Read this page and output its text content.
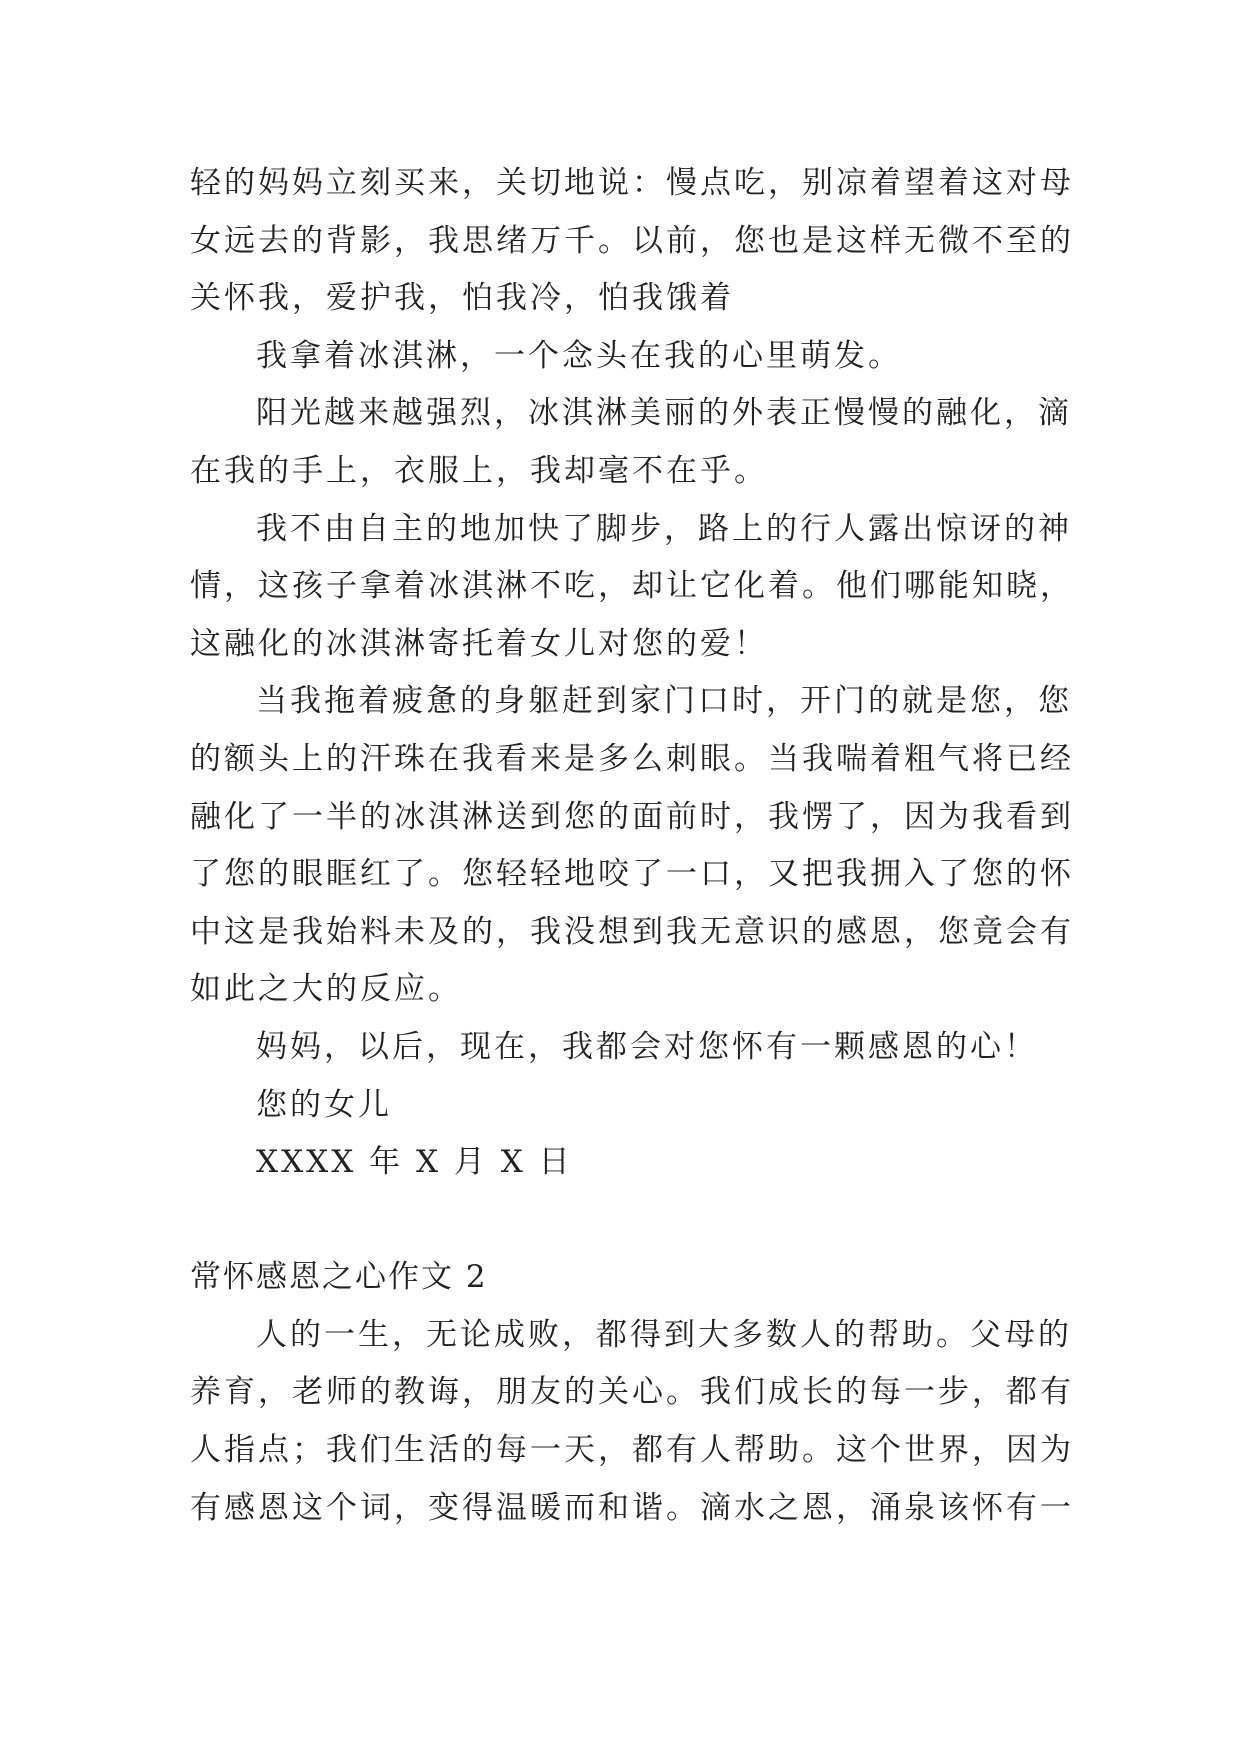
轻的妈妈立刻买来，关切地说：慢点吃，别凉着望着这对母
女远去的背影，我思绪万千。以前，您也是这样无微不至的
关怀我，爱护我，怕我冷，怕我饿着
我拿着冰淇淋，一个念头在我的心里萌发。
阳光越来越强烈，冰淇淋美丽的外表正慢慢的融化，滴
在我的手上，衣服上，我却毫不在乎。
我不由自主的地加快了脚步，路上的行人露出惊讶的神
情，这孩子拿着冰淇淋不吃，却让它化着。他们哪能知晓，
这融化的冰淇淋寄托着女儿对您的爱！
当我拖着疲惫的身躯赶到家门口时，开门的就是您，您
的额头上的汗珠在我看来是多么刺眼。当我喘着粗气将已经
融化了一半的冰淇淋送到您的面前时，我愣了，因为我看到
了您的眼眶红了。您轻轻地咬了一口，又把我拥入了您的怀
中这是我始料未及的，我没想到我无意识的感恩，您竟会有
如此之大的反应。
妈妈，以后，现在，我都会对您怀有一颗感恩的心！
您的女儿
XXXX 年 X 月 X 日
常怀感恩之心作文 2
人的一生，无论成败，都得到大多数人的帮助。父母的
养育，老师的教诲，朋友的关心。我们成长的每一步，都有
人指点；我们生活的每一天，都有人帮助。这个世界，因为
有感恩这个词，变得温暖而和谐。滴水之恩，涌泉该怀有一
